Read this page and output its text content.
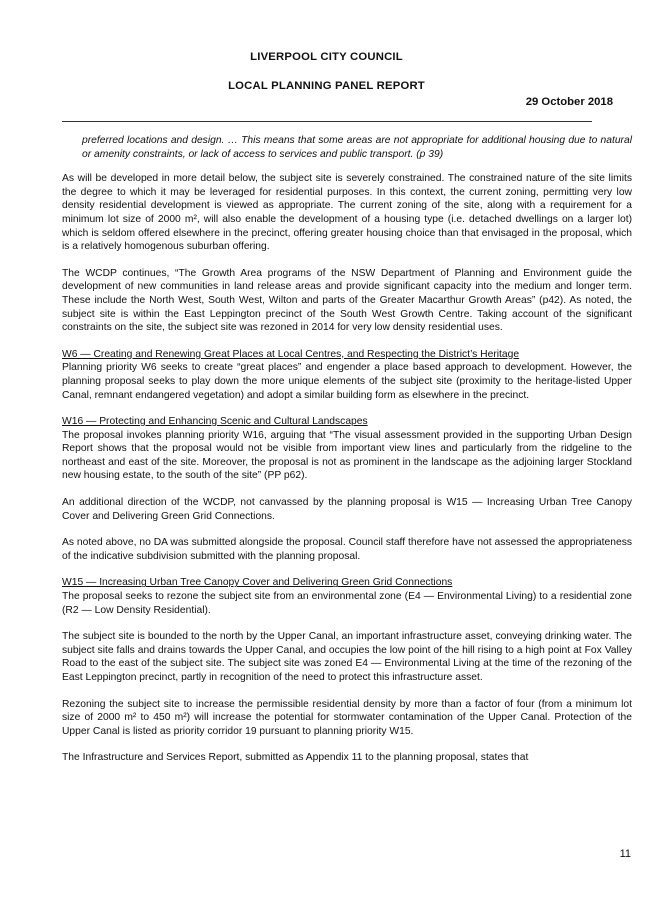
LIVERPOOL CITY COUNCIL
LOCAL PLANNING PANEL REPORT
29 October 2018

preferred locations and design. … This means that some areas are not appropriate for additional housing due to natural or amenity constraints, or lack of access to services and public transport. (p 39)

As will be developed in more detail below, the subject site is severely constrained. The constrained nature of the site limits the degree to which it may be leveraged for residential purposes. In this context, the current zoning, permitting very low density residential development is viewed as appropriate. The current zoning of the site, along with a requirement for a minimum lot size of 2000 m², will also enable the development of a housing type (i.e. detached dwellings on a larger lot) which is seldom offered elsewhere in the precinct, offering greater housing choice than that envisaged in the proposal, which is a relatively homogenous suburban offering.

The WCDP continues, “The Growth Area programs of the NSW Department of Planning and Environment guide the development of new communities in land release areas and provide significant capacity into the medium and longer term. These include the North West, South West, Wilton and parts of the Greater Macarthur Growth Areas” (p42). As noted, the subject site is within the East Leppington precinct of the South West Growth Centre. Taking account of the significant constraints on the site, the subject site was rezoned in 2014 for very low density residential uses.

W6 — Creating and Renewing Great Places at Local Centres, and Respecting the District’s Heritage
Planning priority W6 seeks to create “great places” and engender a place based approach to development. However, the planning proposal seeks to play down the more unique elements of the subject site (proximity to the heritage-listed Upper Canal, remnant endangered vegetation) and adopt a similar building form as elsewhere in the precinct.

W16 — Protecting and Enhancing Scenic and Cultural Landscapes
The proposal invokes planning priority W16, arguing that “The visual assessment provided in the supporting Urban Design Report shows that the proposal would not be visible from important view lines and particularly from the ridgeline to the northeast and east of the site. Moreover, the proposal is not as prominent in the landscape as the adjoining larger Stockland new housing estate, to the south of the site” (PP p62).

An additional direction of the WCDP, not canvassed by the planning proposal is W15 — Increasing Urban Tree Canopy Cover and Delivering Green Grid Connections.

As noted above, no DA was submitted alongside the proposal. Council staff therefore have not assessed the appropriateness of the indicative subdivision submitted with the planning proposal.

W15 — Increasing Urban Tree Canopy Cover and Delivering Green Grid Connections
The proposal seeks to rezone the subject site from an environmental zone (E4 — Environmental Living) to a residential zone (R2 — Low Density Residential).

The subject site is bounded to the north by the Upper Canal, an important infrastructure asset, conveying drinking water. The subject site falls and drains towards the Upper Canal, and occupies the low point of the hill rising to a high point at Fox Valley Road to the east of the subject site. The subject site was zoned E4 — Environmental Living at the time of the rezoning of the East Leppington precinct, partly in recognition of the need to protect this infrastructure asset.

Rezoning the subject site to increase the permissible residential density by more than a factor of four (from a minimum lot size of 2000 m² to 450 m²) will increase the potential for stormwater contamination of the Upper Canal. Protection of the Upper Canal is listed as priority corridor 19 pursuant to planning priority W15.

The Infrastructure and Services Report, submitted as Appendix 11 to the planning proposal, states that

11
